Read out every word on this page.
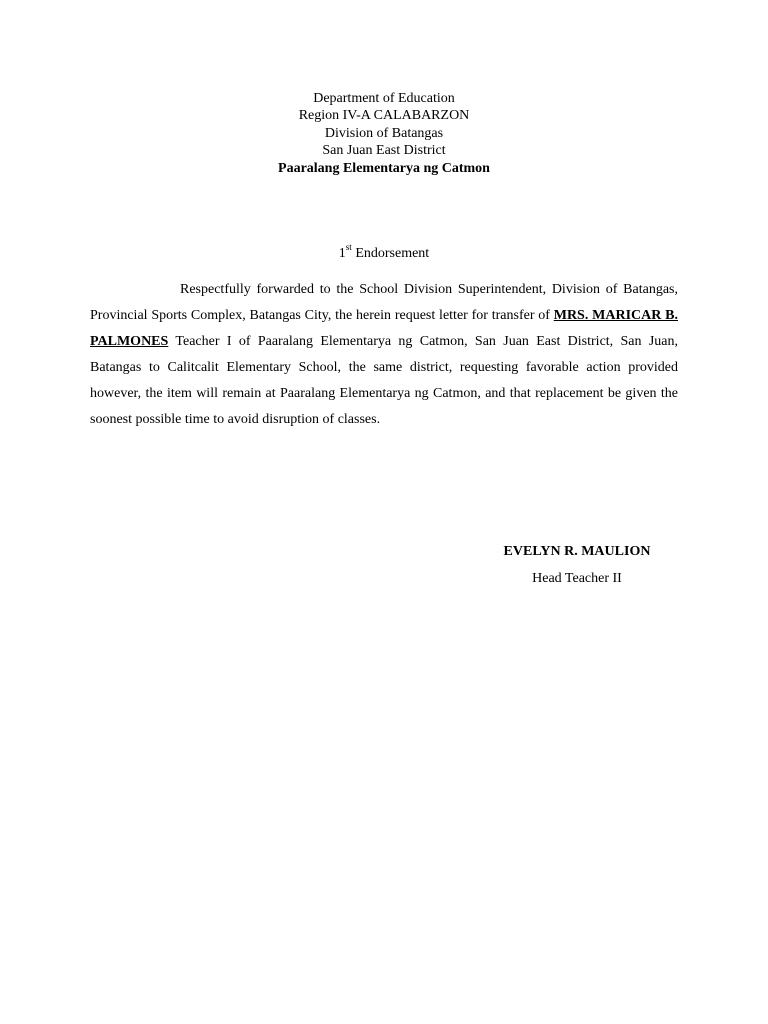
Department of Education
Region IV-A CALABARZON
Division of Batangas
San Juan East District
Paaralang Elementarya ng Catmon
1st Endorsement

Respectfully forwarded to the School Division Superintendent, Division of Batangas, Provincial Sports Complex, Batangas City, the herein request letter for transfer of MRS. MARICAR B. PALMONES Teacher I of Paaralang Elementarya ng Catmon, San Juan East District, San Juan, Batangas to Calitcalit Elementary School, the same district, requesting favorable action provided however, the item will remain at Paaralang Elementarya ng Catmon, and that replacement be given the soonest possible time to avoid disruption of classes.

EVELYN R. MAULION
Head Teacher II
